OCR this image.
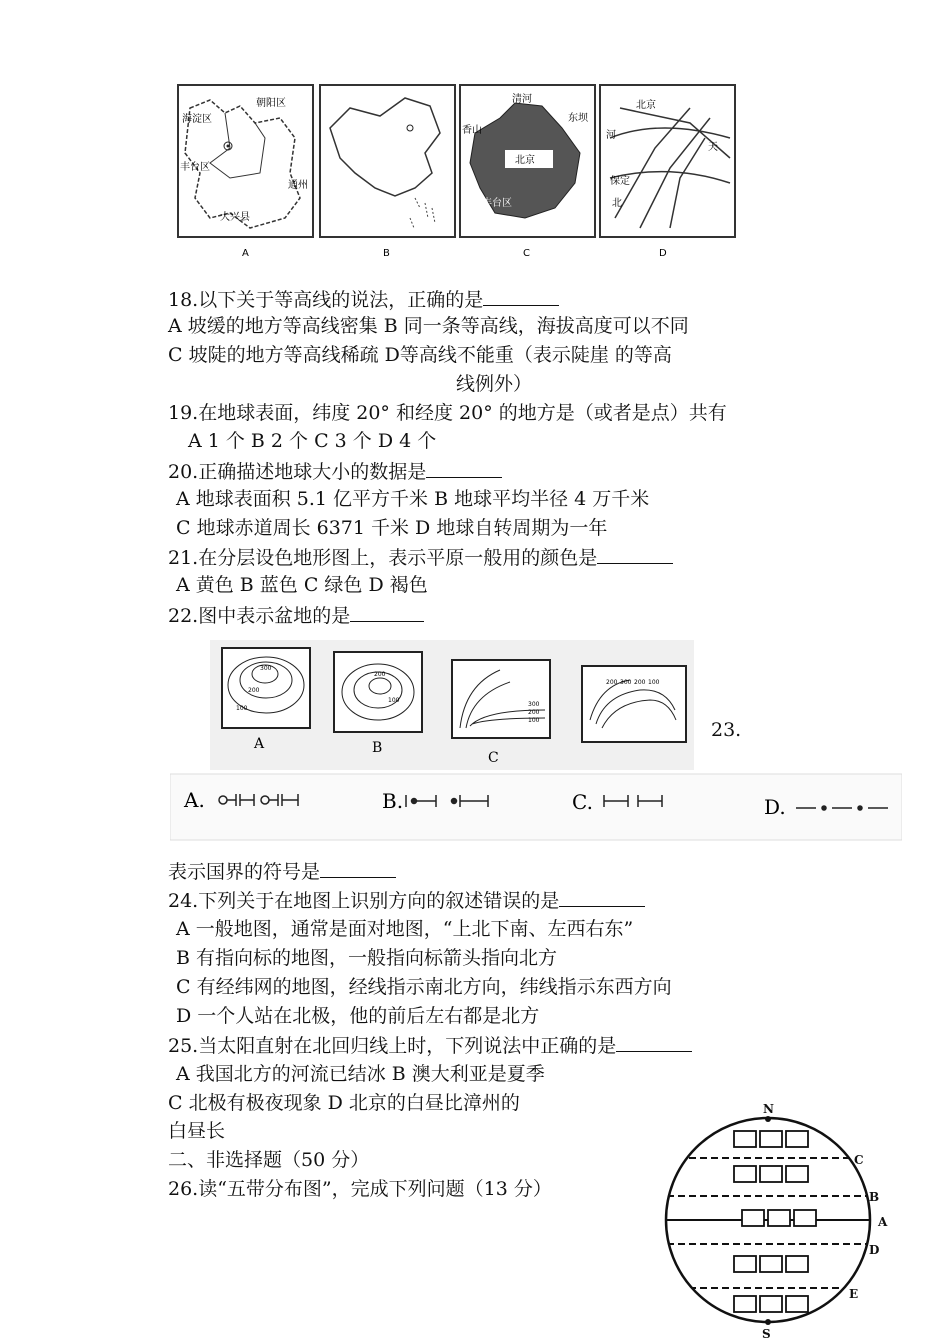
海淀区
朝阳区
丰台区
通州
大兴县
A	B
清河
香山
东坝
北京
丰台区
C
北京
河
天
保定
北
D
18.以下关于等高线的说法，正确的是
A 坡缓的地方等高线密集 B 同一条等高线，海拔高度可以不同
C 坡陡的地方等高线稀疏 D等高线不能重（表示陡崖 的等高
线例外）
19.在地球表面，纬度 20° 和经度 20° 的地方是（或者是点）共有
A 1 个 B 2 个 C 3 个 D 4 个
20.正确描述地球大小的数据是
A 地球表面积 5.1 亿平方千米 B 地球平均半径 4 万千米
C 地球赤道周长 6371 千米 D 地球自转周期为一年
21.在分层设色地形图上，表示平原一般用的颜色是
A 黄色 B 蓝色 C 绿色 D 褐色
22.图中表示盆地的是
300
200
100
A
200
100
B
300
200
100
C
200 300 200 100
23.
A.	B.	C.	D.
表示国界的符号是
24.下列关于在地图上识别方向的叙述错误的是
A 一般地图，通常是面对地图，“上北下南、左西右东”
B 有指向标的地图，一般指向标箭头指向北方
C 有经纬网的地图，经线指示南北方向，纬线指示东西方向
D 一个人站在北极，他的前后左右都是北方
25.当太阳直射在北回归线上时，下列说法中正确的是
A 我国北方的河流已结冰 B 澳大利亚是夏季
C 北极有极夜现象 D 北京的白昼比漳州的
白昼长
二、非选择题（50 分）
26.读“五带分布图”，完成下列问题（13 分）
N
C
B
A
D
E
S
